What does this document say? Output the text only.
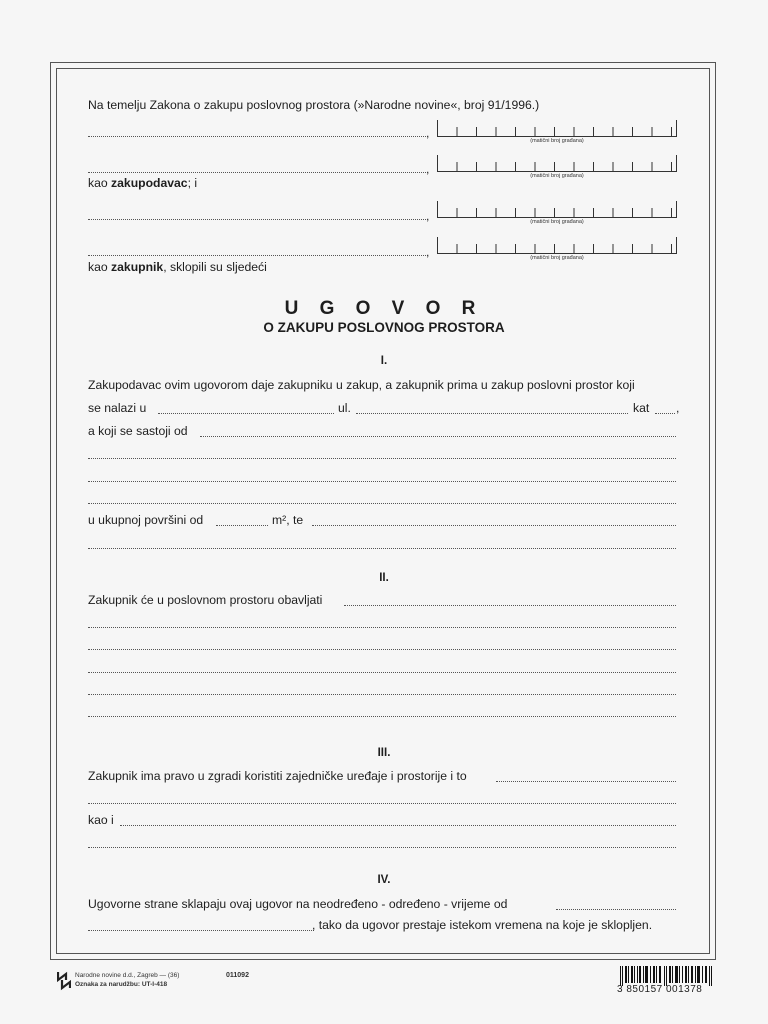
Na temelju Zakona o zakupu poslovnog prostora (»Narodne novine«, broj 91/1996.)
,
(matični broj građana)
,	(matični broj građana)
kao zakupodavac; i
,	(matični broj građana)
,	(matični broj građana)
kao zakupnik, sklopili su sljedeći
U G O V O R
O ZAKUPU POSLOVNOG PROSTORA
I.
Zakupodavac ovim ugovorom daje zakupniku u zakup, a zakupnik prima u zakup poslovni prostor koji
se nalazi u	ul.	kat ,
a koji se sastoji od
u ukupnoj površini od	m², te
II.
Zakupnik će u poslovnom prostoru obavljati
III.
Zakupnik ima pravo u zgradi koristiti zajedničke uređaje i prostorije i to
kao i
IV.
Ugovorne strane sklapaju ovaj ugovor na neodređeno - određeno - vrijeme od
, tako da ugovor prestaje istekom vremena na koje je sklopljen.
Narodne novine d.d., Zagreb — (36)
Oznaka za narudžbu: UT-I-418
011092
3 850157 001378
